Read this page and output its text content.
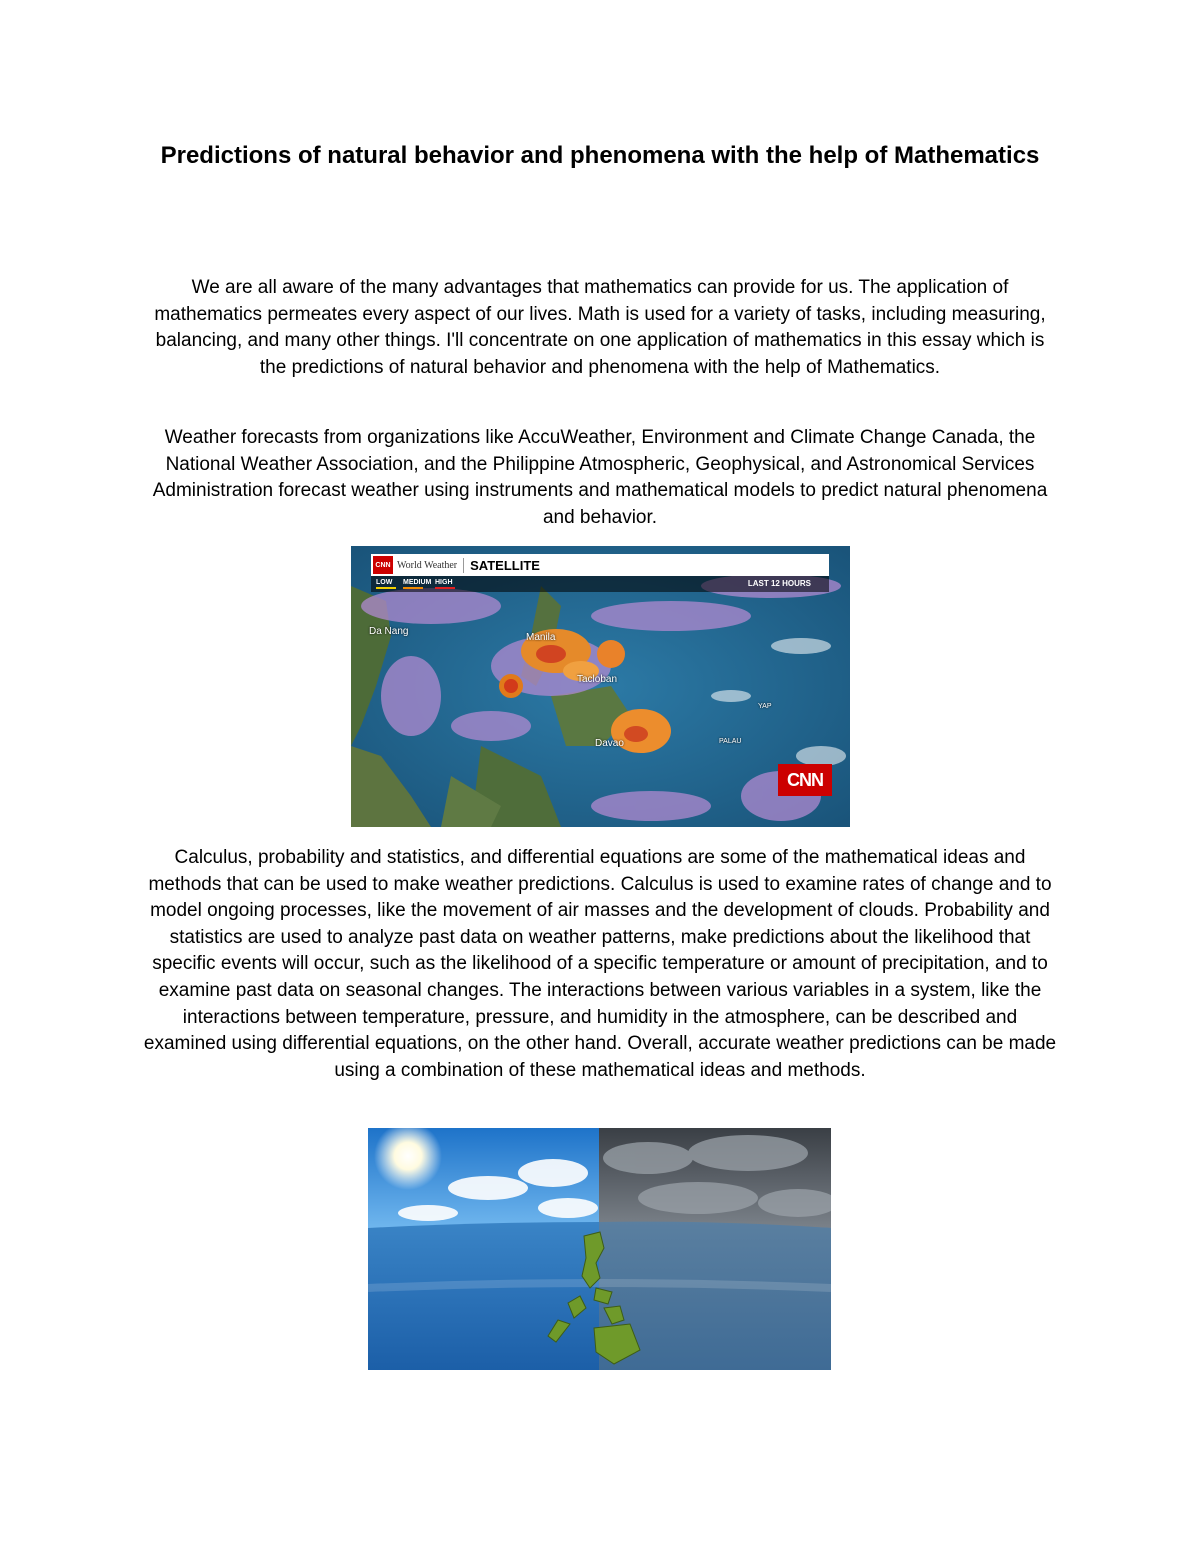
Predictions of natural behavior and phenomena with the help of Mathematics

We are all aware of the many advantages that mathematics can provide for us. The application of mathematics permeates every aspect of our lives. Math is used for a variety of tasks, including measuring, balancing, and many other things. I'll concentrate on one application of mathematics in this essay which is the predictions of natural behavior and phenomena with the help of Mathematics.

Weather forecasts from organizations like AccuWeather, Environment and Climate Change Canada, the National Weather Association, and the Philippine Atmospheric, Geophysical, and Astronomical Services Administration forecast weather using instruments and mathematical models to predict natural phenomena and behavior.

CNN World Weather	SATELLITE
LOW	MEDIUM HIGH	LAST 12 HOURS
Da Nang
Manila
Tacloban
Davao
YAP
PALAU
CNN

Calculus, probability and statistics, and differential equations are some of the mathematical ideas and methods that can be used to make weather predictions. Calculus is used to examine rates of change and to model ongoing processes, like the movement of air masses and the development of clouds. Probability and statistics are used to analyze past data on weather patterns, make predictions about the likelihood that specific events will occur, such as the likelihood of a specific temperature or amount of precipitation, and to examine past data on seasonal changes. The interactions between various variables in a system, like the interactions between temperature, pressure, and humidity in the atmosphere, can be described and examined using differential equations, on the other hand. Overall, accurate weather predictions can be made using a combination of these mathematical ideas and methods.
